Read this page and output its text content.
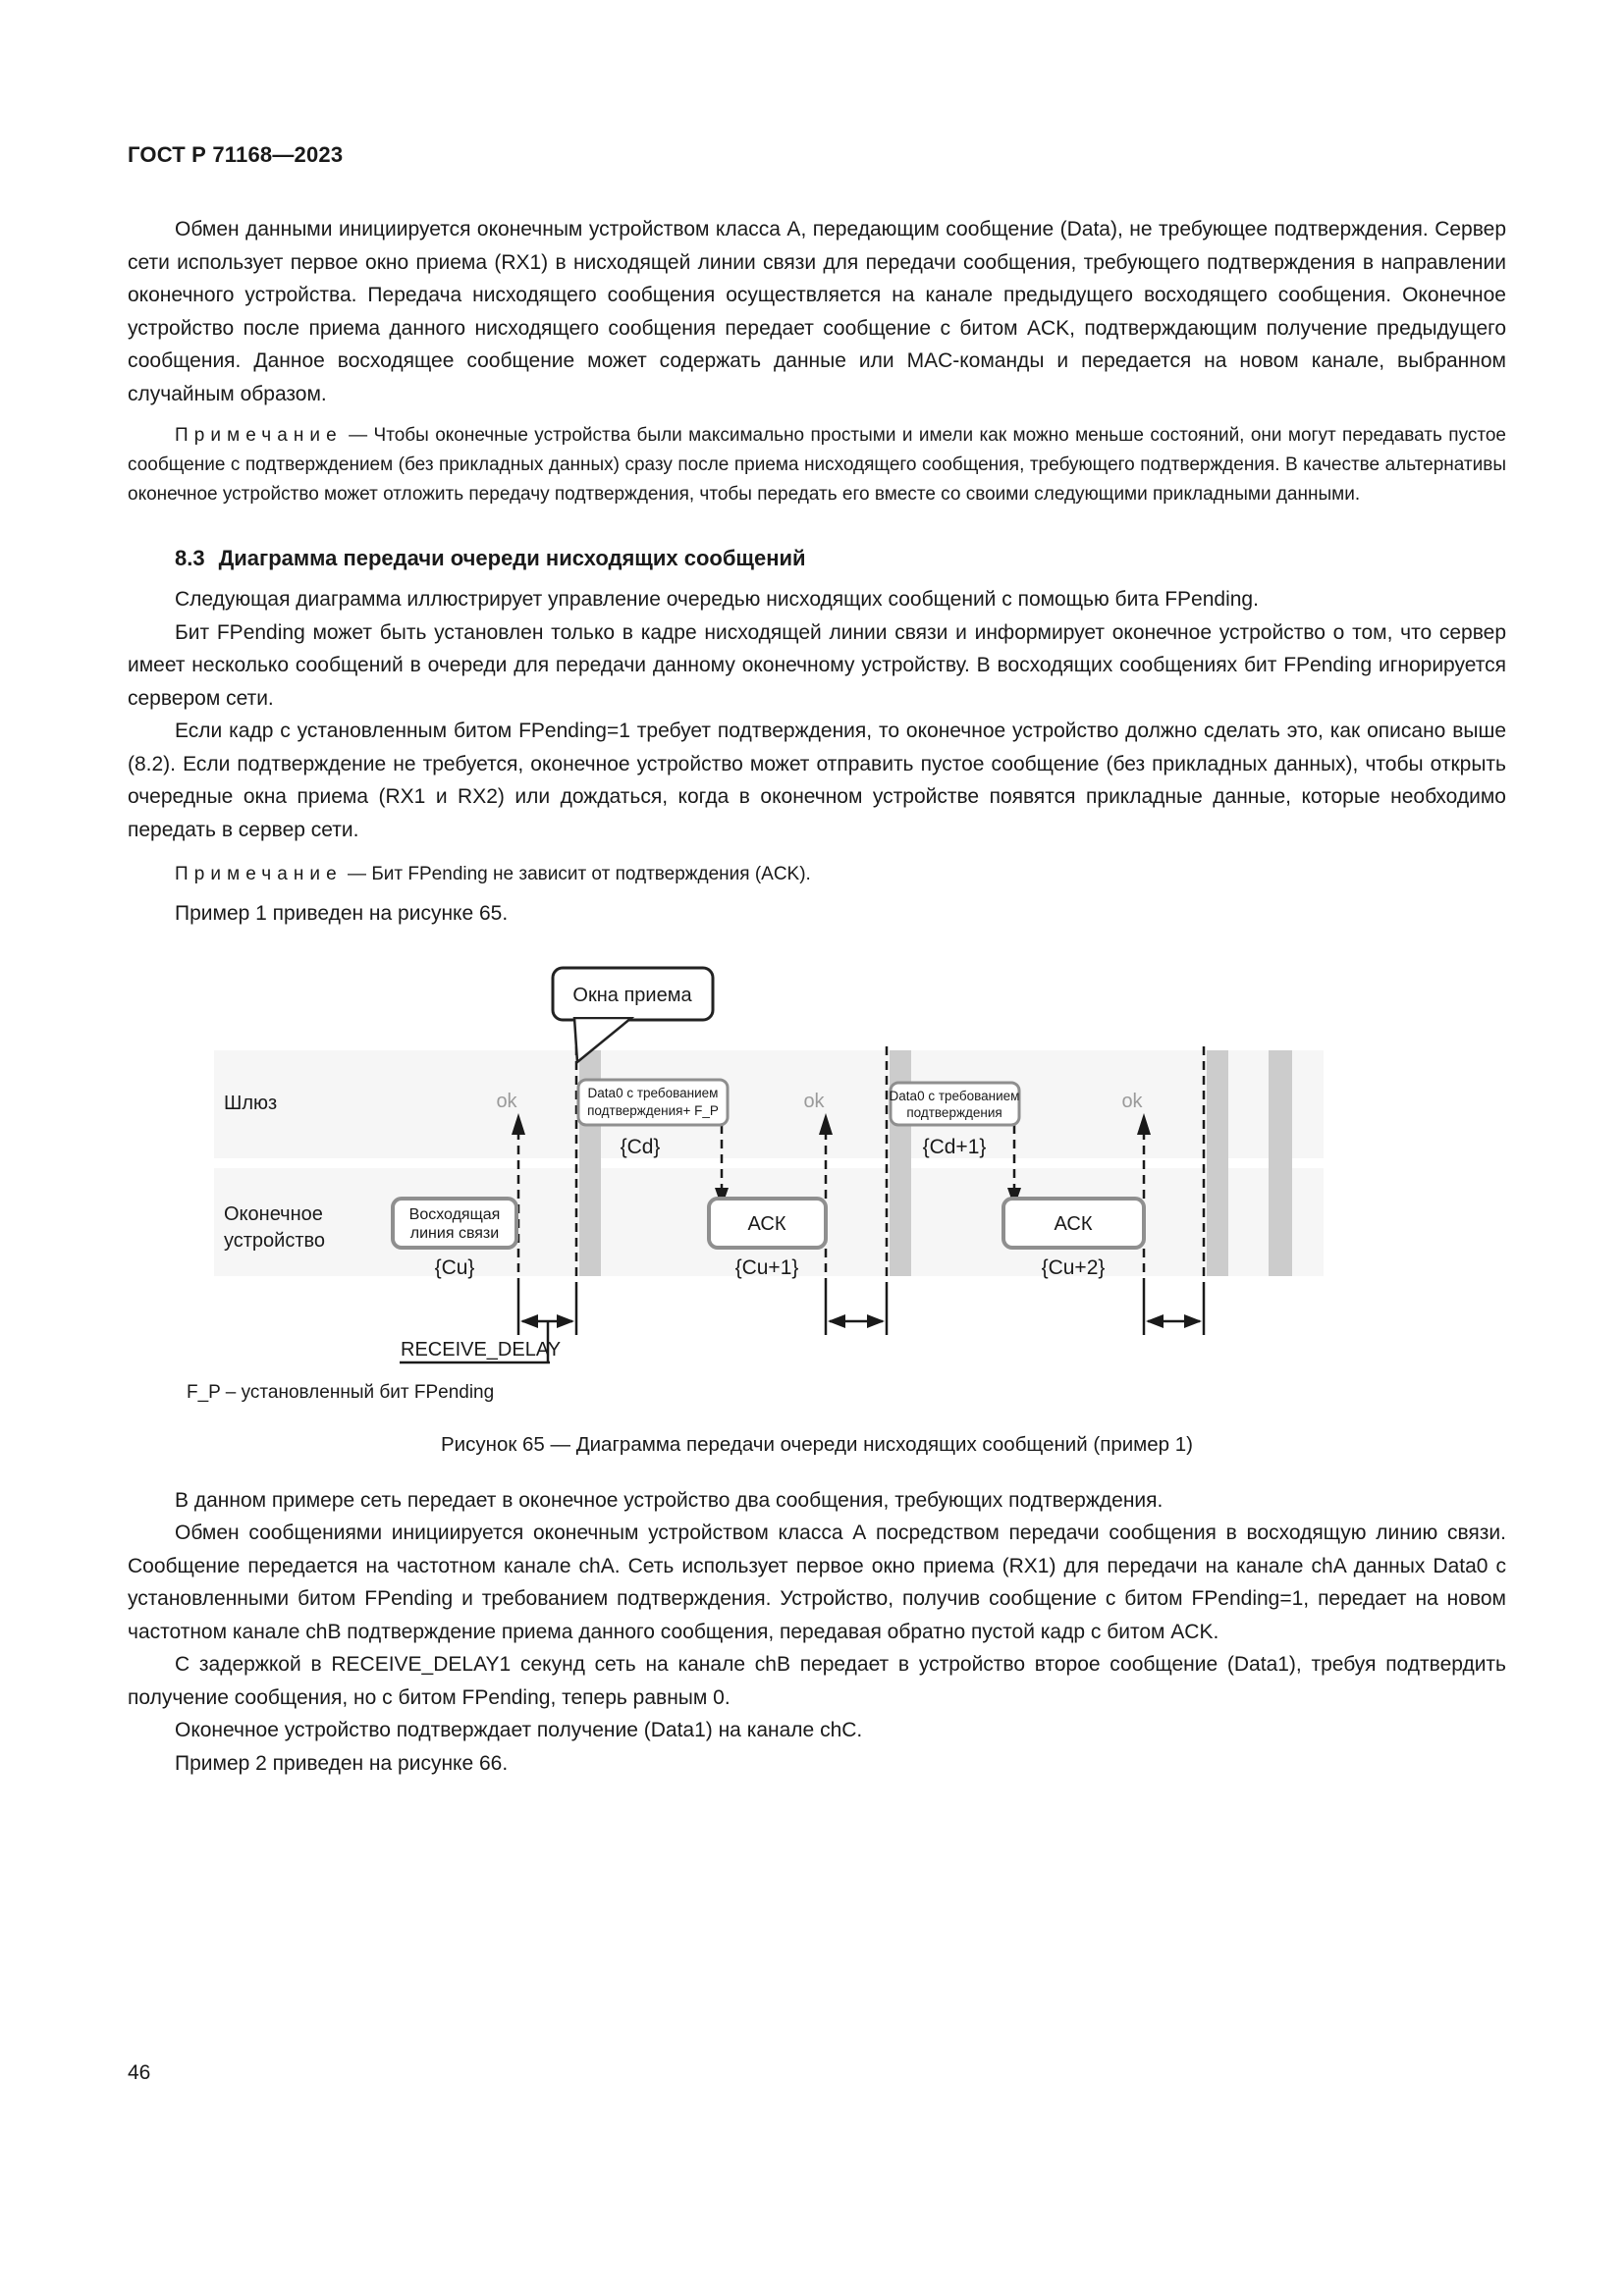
ГОСТ Р 71168—2023

Обмен данными инициируется оконечным устройством класса А, передающим сообщение (Data), не требующее подтверждения. Сервер сети использует первое окно приема (RX1) в нисходящей линии связи для передачи сообщения, требующего подтверждения в направлении оконечного устройства. Передача нисходящего сообщения осуществляется на канале предыдущего восходящего сообщения. Оконечное устройство после приема данного нисходящего сообщения передает сообщение с битом ACK, подтверждающим получение предыдущего сообщения. Данное восходящее сообщение может содержать данные или MAC-команды и передается на новом канале, выбранном случайным образом.

Примечание — Чтобы оконечные устройства были максимально простыми и имели как можно меньше состояний, они могут передавать пустое сообщение с подтверждением (без прикладных данных) сразу после приема нисходящего сообщения, требующего подтверждения. В качестве альтернативы оконечное устройство может отложить передачу подтверждения, чтобы передать его вместе со своими следующими прикладными данными.

8.3 Диаграмма передачи очереди нисходящих сообщений

Следующая диаграмма иллюстрирует управление очередью нисходящих сообщений с помощью бита FPending.

Бит FPending может быть установлен только в кадре нисходящей линии связи и информирует оконечное устройство о том, что сервер имеет несколько сообщений в очереди для передачи данному оконечному устройству. В восходящих сообщениях бит FPending игнорируется сервером сети.

Если кадр с установленным битом FPending=1 требует подтверждения, то оконечное устройство должно сделать это, как описано выше (8.2). Если подтверждение не требуется, оконечное устройство может отправить пустое сообщение (без прикладных данных), чтобы открыть очередные окна приема (RX1 и RX2) или дождаться, когда в оконечном устройстве появятся прикладные данные, которые необходимо передать в сервер сети.

Примечание — Бит FPending не зависит от подтверждения (ACK).

Пример 1 приведен на рисунке 65.

ok	ok	ok
Окна приема
Data0 с требованием
подтверждения+ F_P
Data0 с требованием
подтверждения
{Cd}	{Cd+1}
Восходящая
линия связи	АСК	АСК
{Cu}	{Cu+1}	{Cu+2}
Шлюз
Оконечное
устройство
RECEIVE_DELAY
F_P – установленный бит FPending

Рисунок 65 — Диаграмма передачи очереди нисходящих сообщений (пример 1)

В данном примере сеть передает в оконечное устройство два сообщения, требующих подтверждения.

Обмен сообщениями инициируется оконечным устройством класса А посредством передачи сообщения в восходящую линию связи. Сообщение передается на частотном канале chA. Сеть использует первое окно приема (RX1) для передачи на канале chA данных Data0 с установленными битом FPending и требованием подтверждения. Устройство, получив сообщение с битом FPending=1, передает на новом частотном канале chB подтверждение приема данного сообщения, передавая обратно пустой кадр с битом ACK.

С задержкой в RECEIVE_DELAY1 секунд сеть на канале chB передает в устройство второе сообщение (Data1), требуя подтвердить получение сообщения, но с битом FPending, теперь равным 0.

Оконечное устройство подтверждает получение (Data1) на канале chC.

Пример 2 приведен на рисунке 66.

46
